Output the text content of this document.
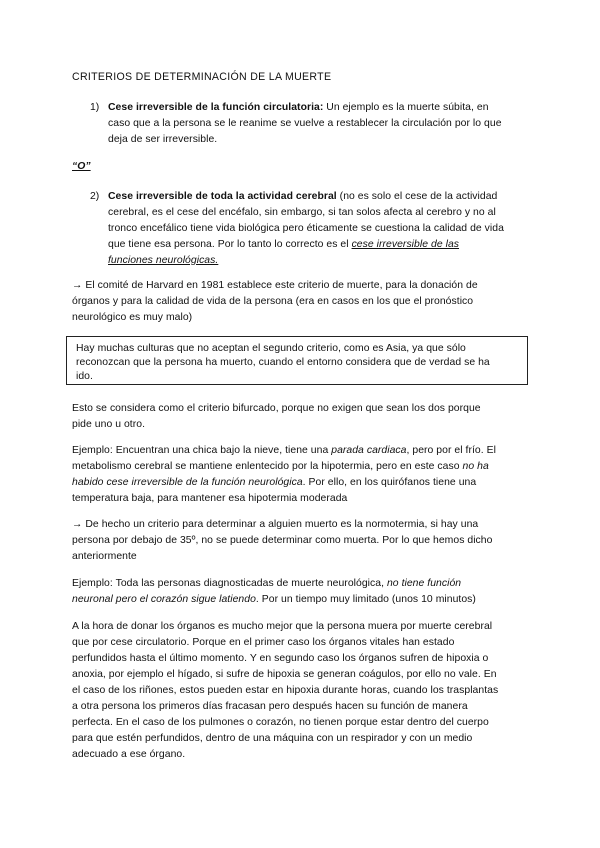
CRITERIOS DE DETERMINACIÓN DE LA MUERTE
1) Cese irreversible de la función circulatoria: Un ejemplo es la muerte súbita, en
caso que a la persona se le reanime se vuelve a restablecer la circulación por lo que
deja de ser irreversible.
“O”
2) Cese irreversible de toda la actividad cerebral (no es solo el cese de la actividad
cerebral, es el cese del encéfalo, sin embargo, si tan solos afecta al cerebro y no al
tronco encefálico tiene vida biológica pero éticamente se cuestiona la calidad de vida
que tiene esa persona. Por lo tanto lo correcto es el cese irreversible de las
funciones neurológicas.
→ El comité de Harvard en 1981 establece este criterio de muerte, para la donación de
órganos y para la calidad de vida de la persona (era en casos en los que el pronóstico
neurológico es muy malo)
Hay muchas culturas que no aceptan el segundo criterio, como es Asia, ya que sólo
reconozcan que la persona ha muerto, cuando el entorno considera que de verdad se ha
ido.
Esto se considera como el criterio bifurcado, porque no exigen que sean los dos porque
pide uno u otro.
Ejemplo: Encuentran una chica bajo la nieve, tiene una parada cardiaca, pero por el frío. El
metabolismo cerebral se mantiene enlentecido por la hipotermia, pero en este caso no ha
habido cese irreversible de la función neurológica. Por ello, en los quirófanos tiene una
temperatura baja, para mantener esa hipotermia moderada
→ De hecho un criterio para determinar a alguien muerto es la normotermia, si hay una
persona por debajo de 35º, no se puede determinar como muerta. Por lo que hemos dicho
anteriormente
Ejemplo: Toda las personas diagnosticadas de muerte neurológica, no tiene función
neuronal pero el corazón sigue latiendo. Por un tiempo muy limitado (unos 10 minutos)
A la hora de donar los órganos es mucho mejor que la persona muera por muerte cerebral
que por cese circulatorio. Porque en el primer caso los órganos vitales han estado
perfundidos hasta el último momento. Y en segundo caso los órganos sufren de hipoxia o
anoxia, por ejemplo el hígado, si sufre de hipoxia se generan coágulos, por ello no vale. En
el caso de los riñones, estos pueden estar en hipoxia durante horas, cuando los trasplantas
a otra persona los primeros días fracasan pero después hacen su función de manera
perfecta. En el caso de los pulmones o corazón, no tienen porque estar dentro del cuerpo
para que estén perfundidos, dentro de una máquina con un respirador y con un medio
adecuado a ese órgano.
